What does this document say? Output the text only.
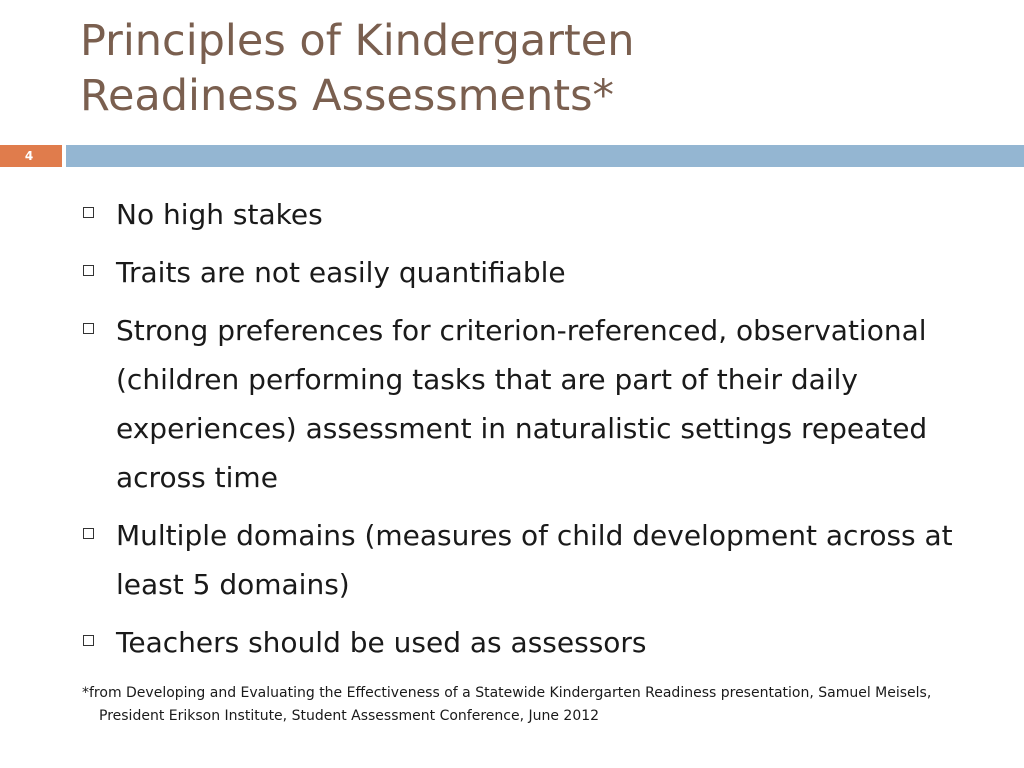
Principles of Kindergarten
Readiness Assessments*
4
No high stakes
Traits are not easily quantifiable
Strong preferences for criterion-referenced, observational (children performing tasks that are part of their daily experiences) assessment in naturalistic settings repeated across time
Multiple domains (measures of child development across at least 5 domains)
Teachers should be used as assessors

*from Developing and Evaluating the Effectiveness of a Statewide Kindergarten Readiness presentation, Samuel Meisels, President Erikson Institute, Student Assessment Conference, June 2012
